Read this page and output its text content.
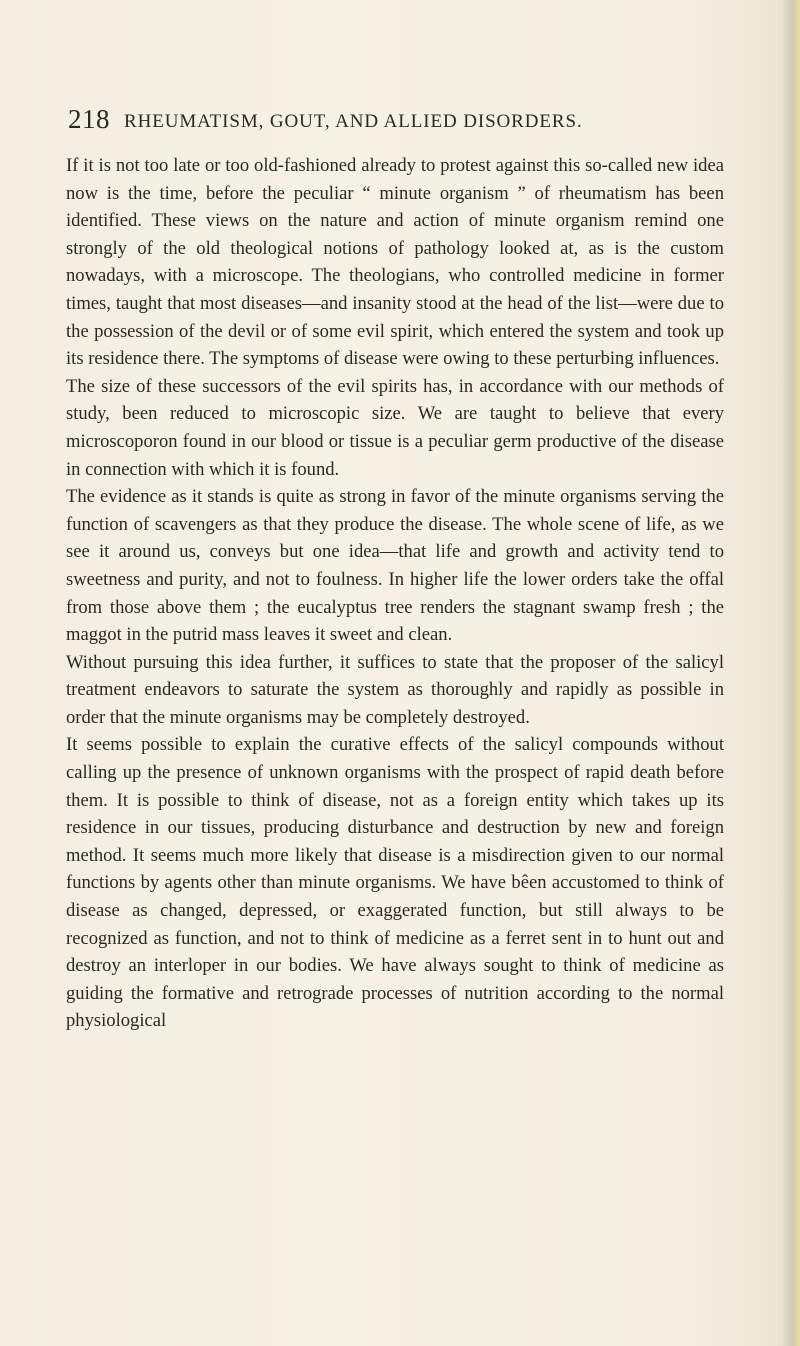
218 RHEUMATISM, GOUT, AND ALLIED DISORDERS.

If it is not too late or too old-fashioned already to protest against this so-called new idea now is the time, before the peculiar “ minute organism ” of rheumatism has been identified. These views on the nature and action of minute organism remind one strongly of the old theological notions of pathology looked at, as is the custom nowadays, with a microscope. The theologians, who controlled medicine in former times, taught that most diseases—and insanity stood at the head of the list—were due to the possession of the devil or of some evil spirit, which entered the system and took up its residence there. The symptoms of disease were owing to these perturbing influences.

The size of these successors of the evil spirits has, in accordance with our methods of study, been reduced to microscopic size. We are taught to believe that every microscoporon found in our blood or tissue is a peculiar germ productive of the disease in connection with which it is found.

The evidence as it stands is quite as strong in favor of the minute organisms serving the function of scavengers as that they produce the disease. The whole scene of life, as we see it around us, conveys but one idea—that life and growth and activity tend to sweetness and purity, and not to foulness. In higher life the lower orders take the offal from those above them ; the eucalyptus tree renders the stagnant swamp fresh ; the maggot in the putrid mass leaves it sweet and clean.

Without pursuing this idea further, it suffices to state that the proposer of the salicyl treatment endeavors to saturate the system as thoroughly and rapidly as possible in order that the minute organisms may be completely destroyed.

It seems possible to explain the curative effects of the salicyl compounds without calling up the presence of unknown organisms with the prospect of rapid death before them. It is possible to think of disease, not as a foreign entity which takes up its residence in our tissues, producing disturbance and destruction by new and foreign method. It seems much more likely that disease is a misdirection given to our normal functions by agents other than minute organisms. We have bêen accustomed to think of disease as changed, depressed, or exaggerated function, but still always to be recognized as function, and not to think of medicine as a ferret sent in to hunt out and destroy an interloper in our bodies. We have always sought to think of medicine as guiding the formative and retrograde processes of nutrition according to the normal physiological
